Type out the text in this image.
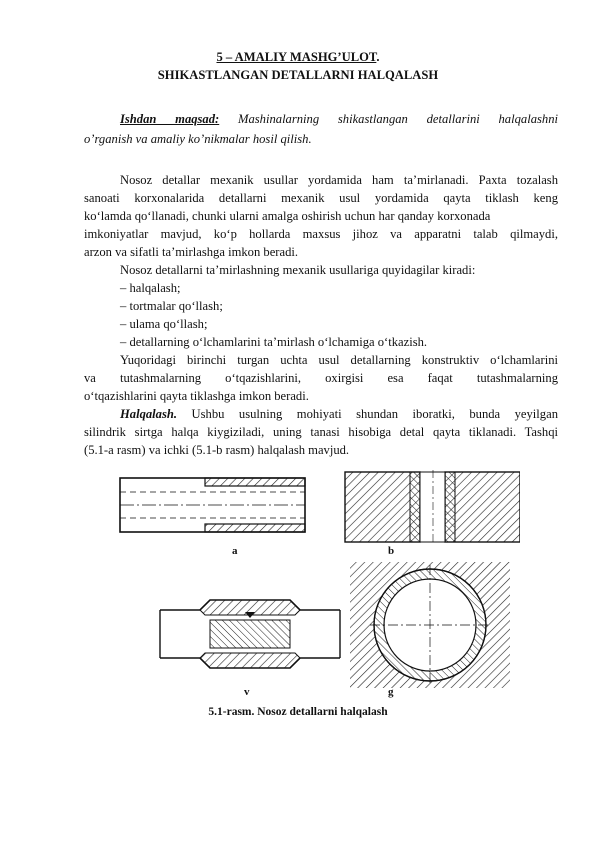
5 – AMALIY MASHG’ULOT.
SHIKASTLANGAN DETALLARNI HALQALASH
Ishdan maqsad: Mashinalarning shikastlangan detallarini halqalashni
o’rganish va amaliy ko’nikmalar hosil qilish.
Nosoz detallar mexanik usullar yordamida ham ta’mirlanadi. Paxta tozalash
sanoati korxonalarida detallarni mexanik usul yordamida qayta tiklash keng
ko‘lamda qo‘llanadi, chunki ularni amalga oshirish uchun har qanday korxonada
imkoniyatlar mavjud, ko‘p hollarda maxsus jihoz va apparatni talab qilmaydi,
arzon va sifatli ta’mirlashga imkon beradi.
Nosoz detallarni ta’mirlashning mexanik usullariga quyidagilar kiradi:
– halqalash;
– tortmalar qo‘llash;
– ulama qo‘llash;
– detallarning o‘lchamlarini ta’mirlash o‘lchamiga o‘tkazish.
Yuqoridagi birinchi turgan uchta usul detallarning konstruktiv o‘lchamlarini
va tutashmalarning o‘tqazishlarini, oxirgisi esa faqat tutashmalarning
o‘tqazishlarini qayta tiklashga imkon beradi.
Halqalash. Ushbu usulning mohiyati shundan iboratki, bunda yeyilgan
silindrik sirtga halqa kiygiziladi, uning tanasi hisobiga detal qayta tiklanadi. Tashqi
(5.1-a rasm) va ichki (5.1-b rasm) halqalash mavjud.
a	b
v	g
5.1-rasm. Nosoz detallarni halqalash
